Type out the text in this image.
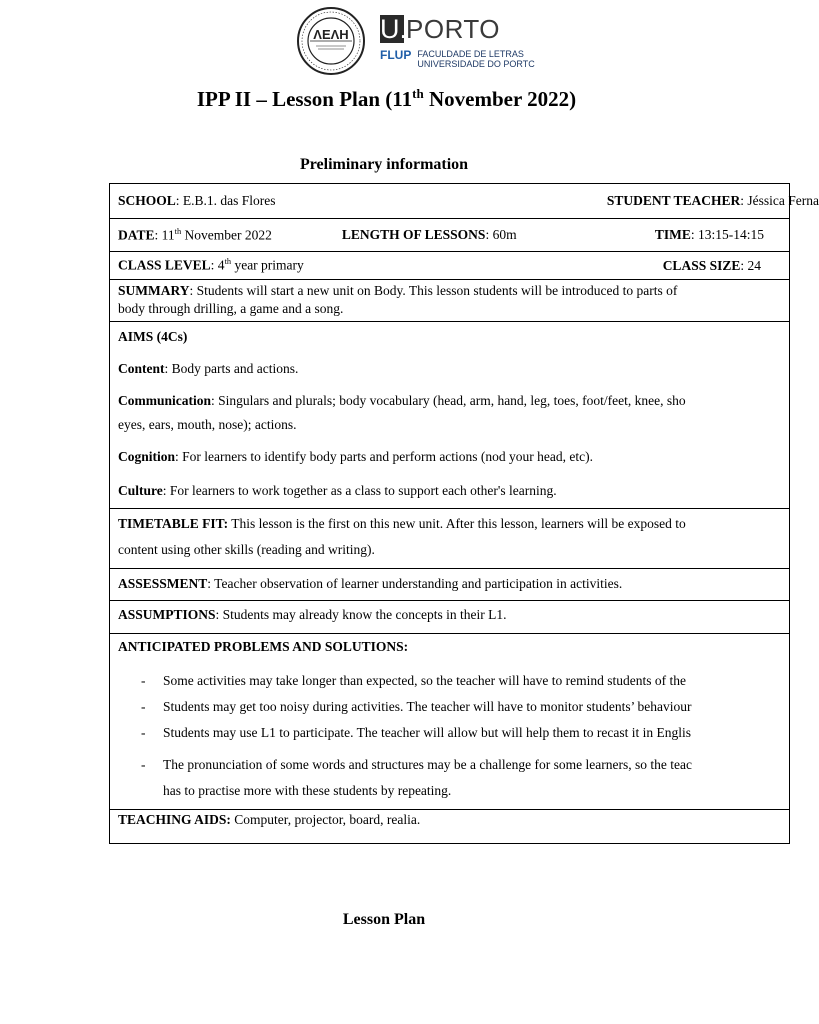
ΛΕΛΗ U. PORTO
FLUP FACULDADE DE LETRAS
UNIVERSIDADE DO PORTC
IPP II – Lesson Plan (11th November 2022)
Preliminary information
SCHOOL: E.B.1. das Flores	STUDENT TEACHER: Jéssica Ferna
DATE: 11th November 2022	LENGTH OF LESSONS: 60m	TIME: 13:15-14:15
CLASS LEVEL: 4th year primary	CLASS SIZE: 24
SUMMARY: Students will start a new unit on Body. This lesson students will be introduced to parts of
body through drilling, a game and a song.
AIMS (4Cs)
Content: Body parts and actions.
Communication: Singulars and plurals; body vocabulary (head, arm, hand, leg, toes, foot/feet, knee, sho
eyes, ears, mouth, nose); actions.
Cognition: For learners to identify body parts and perform actions (nod your head, etc).
Culture: For learners to work together as a class to support each other's learning.
TIMETABLE FIT: This lesson is the first on this new unit. After this lesson, learners will be exposed to
content using other skills (reading and writing).
ASSESSMENT: Teacher observation of learner understanding and participation in activities.
ASSUMPTIONS: Students may already know the concepts in their L1.
ANTICIPATED PROBLEMS AND SOLUTIONS:
- Some activities may take longer than expected, so the teacher will have to remind students of the
- Students may get too noisy during activities. The teacher will have to monitor students’ behaviour
- Students may use L1 to participate. The teacher will allow but will help them to recast it in Englis
- The pronunciation of some words and structures may be a challenge for some learners, so the teac
has to practise more with these students by repeating.
TEACHING AIDS: Computer, projector, board, realia.
Lesson Plan
